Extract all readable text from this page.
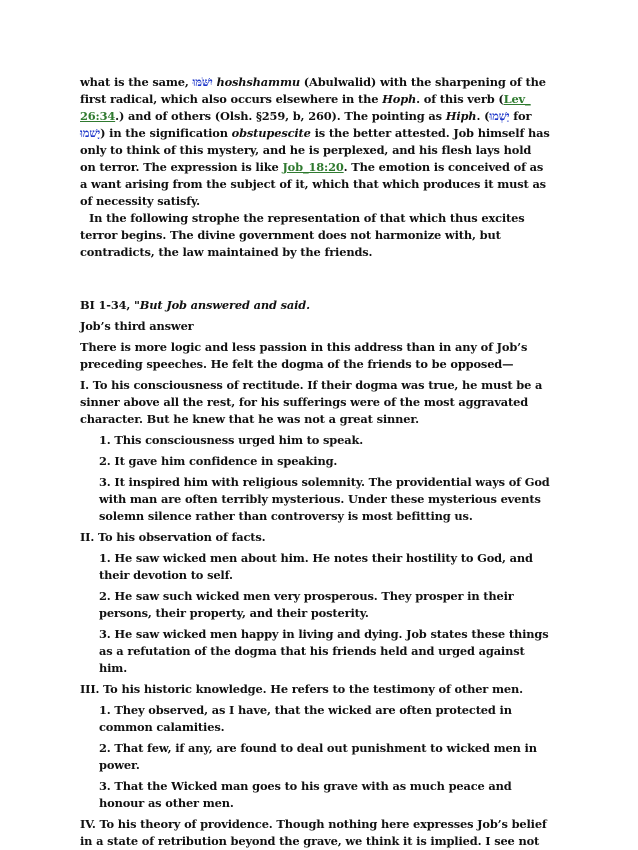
what is the same, יִשֹּׁמּוּ hoshshammu (Abulwalid) with the sharpening of the first radical, which also occurs elsewhere in the Hoph. of this verb (Lev_ 26:34.) and of others (Olsh. §259, b, 260). The pointing as Hiph. (יַשְׁמוּ for
יָשׁמוּ) in the signification obstupescite is the better attested. Job himself has only to think of this mystery, and he is perplexed, and his flesh lays hold on terror. The expression is like Job_18:20. The emotion is conceived of as a want arising from the subject of it, which that which produces it must as of necessity satisfy.

In the following strophe the representation of that which thus excites terror begins. The divine government does not harmonize with, but contradicts, the law maintained by the friends.

BI 1-34, "But Job answered and said.

Job’s third answer

There is more logic and less passion in this address than in any of Job’s preceding speeches. He felt the dogma of the friends to be opposed—

I. To his consciousness of rectitude. If their dogma was true, he must be a sinner above all the rest, for his sufferings were of the most aggravated character. But he knew that he was not a great sinner.

1. This consciousness urged him to speak.

2. It gave him confidence in speaking.

3. It inspired him with religious solemnity. The providential ways of God with man are often terribly mysterious. Under these mysterious events solemn silence rather than controversy is most befitting us.

II. To his observation of facts.

1. He saw wicked men about him. He notes their hostility to God, and their devotion to self.

2. He saw such wicked men very prosperous. They prosper in their persons, their property, and their posterity.

3. He saw wicked men happy in living and dying. Job states these things as a refutation of the dogma that his friends held and urged against him.

III. To his historic knowledge. He refers to the testimony of other men.

1. They observed, as I have, that the wicked are often protected in common calamities.

2. That few, if any, are found to deal out punishment to wicked men in power.

3. That the Wicked man goes to his grave with as much peace and honour as other men.

IV. To his theory of providence. Though nothing here expresses Job’s belief in a state of retribution beyond the grave, we think it is implied. I see not
